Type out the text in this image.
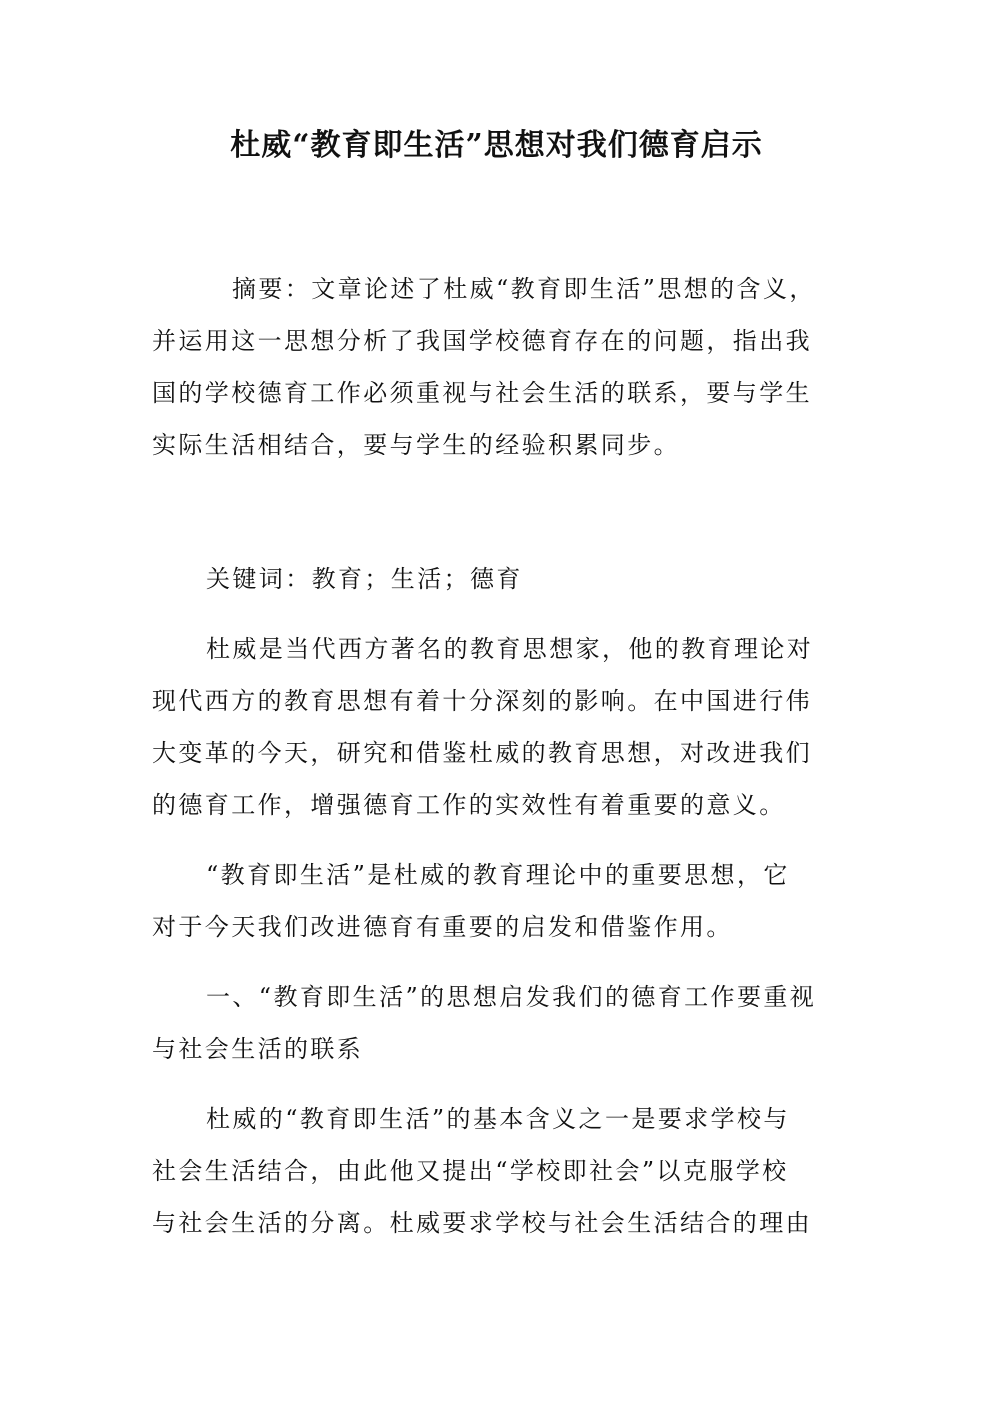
杜威“教育即生活”思想对我们德育启示
摘要：文章论述了杜威“教育即生活”思想的含义，
并运用这一思想分析了我国学校德育存在的问题，指出我
国的学校德育工作必须重视与社会生活的联系，要与学生
实际生活相结合，要与学生的经验积累同步。
关键词：教育；生活；德育
杜威是当代西方著名的教育思想家，他的教育理论对
现代西方的教育思想有着十分深刻的影响。在中国进行伟
大变革的今天，研究和借鉴杜威的教育思想，对改进我们
的德育工作，增强德育工作的实效性有着重要的意义。
“教育即生活”是杜威的教育理论中的重要思想，它
对于今天我们改进德育有重要的启发和借鉴作用。
一、“教育即生活”的思想启发我们的德育工作要重视
与社会生活的联系
杜威的“教育即生活”的基本含义之一是要求学校与
社会生活结合，由此他又提出“学校即社会”以克服学校
与社会生活的分离。杜威要求学校与社会生活结合的理由
